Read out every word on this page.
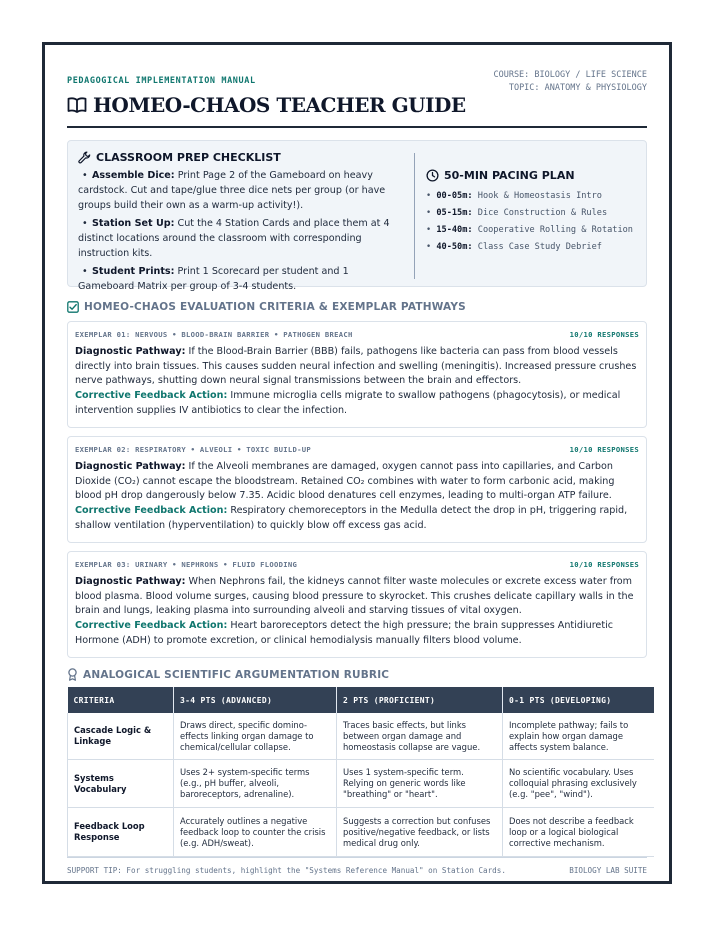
PEDAGOGICAL IMPLEMENTATION MANUAL
COURSE: BIOLOGY / LIFE SCIENCE
TOPIC: ANATOMY & PHYSIOLOGY
HOMEO-CHAOS TEACHER GUIDE
CLASSROOM PREP CHECKLIST
• Assemble Dice: Print Page 2 of the Gameboard on heavy cardstock. Cut and tape/glue three dice nets per group (or have groups build their own as a warm-up activity!).
• Station Set Up: Cut the 4 Station Cards and place them at 4 distinct locations around the classroom with corresponding instruction kits.
• Student Prints: Print 1 Scorecard per student and 1 Gameboard Matrix per group of 3-4 students.
50-MIN PACING PLAN
• 00-05m: Hook & Homeostasis Intro
• 05-15m: Dice Construction & Rules
• 15-40m: Cooperative Rolling & Rotation
• 40-50m: Class Case Study Debrief
HOMEO-CHAOS EVALUATION CRITERIA & EXEMPLAR PATHWAYS
EXEMPLAR 01: NERVOUS • BLOOD-BRAIN BARRIER • PATHOGEN BREACH	10/10 RESPONSES

Diagnostic Pathway: If the Blood-Brain Barrier (BBB) fails, pathogens like bacteria can pass from blood vessels directly into brain tissues. This causes sudden neural infection and swelling (meningitis). Increased pressure crushes nerve pathways, shutting down neural signal transmissions between the brain and effectors.

Corrective Feedback Action: Immune microglia cells migrate to swallow pathogens (phagocytosis), or medical intervention supplies IV antibiotics to clear the infection.

EXEMPLAR 02: RESPIRATORY • ALVEOLI • TOXIC BUILD-UP	10/10 RESPONSES

Diagnostic Pathway: If the Alveoli membranes are damaged, oxygen cannot pass into capillaries, and Carbon Dioxide (CO₂) cannot escape the bloodstream. Retained CO₂ combines with water to form carbonic acid, making blood pH drop dangerously below 7.35. Acidic blood denatures cell enzymes, leading to multi-organ ATP failure.

Corrective Feedback Action: Respiratory chemoreceptors in the Medulla detect the drop in pH, triggering rapid, shallow ventilation (hyperventilation) to quickly blow off excess gas acid.

EXEMPLAR 03: URINARY • NEPHRONS • FLUID FLOODING	10/10 RESPONSES

Diagnostic Pathway: When Nephrons fail, the kidneys cannot filter waste molecules or excrete excess water from blood plasma. Blood volume surges, causing blood pressure to skyrocket. This crushes delicate capillary walls in the brain and lungs, leaking plasma into surrounding alveoli and starving tissues of vital oxygen.

Corrective Feedback Action: Heart baroreceptors detect the high pressure; the brain suppresses Antidiuretic Hormone (ADH) to promote excretion, or clinical hemodialysis manually filters blood volume.

ANALOGICAL SCIENTIFIC ARGUMENTATION RUBRIC
CRITERIA	3-4 PTS (ADVANCED)	2 PTS (PROFICIENT)	0-1 PTS (DEVELOPING)
Cascade Logic & Linkage	Draws direct, specific domino-effects linking organ damage to chemical/cellular collapse.	Traces basic effects, but links between organ damage and homeostasis collapse are vague.	Incomplete pathway; fails to explain how organ damage affects system balance.
Systems Vocabulary	Uses 2+ system-specific terms (e.g., pH buffer, alveoli, baroreceptors, adrenaline).	Uses 1 system-specific term. Relying on generic words like "breathing" or "heart".	No scientific vocabulary. Uses colloquial phrasing exclusively (e.g. "pee", "wind").
Feedback Loop Response	Accurately outlines a negative feedback loop to counter the crisis (e.g. ADH/sweat).	Suggests a correction but confuses positive/negative feedback, or lists medical drug only.	Does not describe a feedback loop or a logical biological corrective mechanism.
SUPPORT TIP: For struggling students, highlight the "Systems Reference Manual" on Station Cards.	BIOLOGY LAB SUITE
